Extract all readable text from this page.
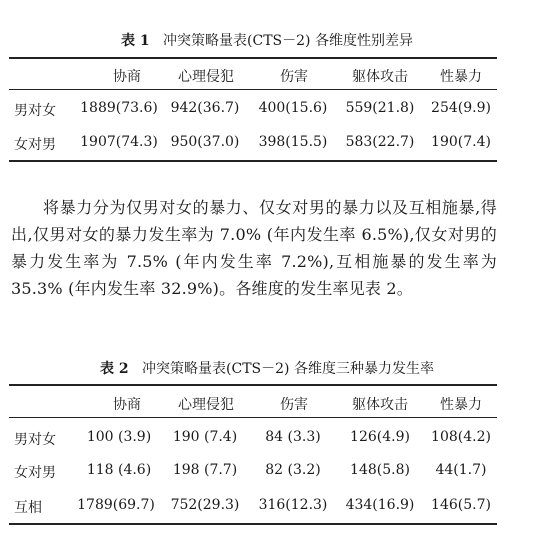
表 1 冲突策略量表(CTS－2) 各维度性别差异
协商	心理侵犯	伤害	躯体攻击	性暴力
男对女	1889(73.6) 942(36.7)	400(15.6)	559(21.8)	254(9.9)
女对男	1907(74.3) 950(37.0)	398(15.5)	583(22.7)	190(7.4)

将暴力分为仅男对女的暴力、仅女对男的暴力以及互相施暴,得出,仅男对女的暴力发生率为 7.0% (年内发生率 6.5%),仅女对男的暴力发生率为 7.5% (年内发生率 7.2%),互相施暴的发生率为 35.3% (年内发生率 32.9%)。各维度的发生率见表 2。

表 2 冲突策略量表(CTS－2) 各维度三种暴力发生率
协商	心理侵犯	伤害	躯体攻击	性暴力
男对女	100 (3.9)	190 (7.4)	84 (3.3)	126(4.9)	108(4.2)
女对男	118 (4.6)	198 (7.7)	82 (3.2)	148(5.8)	44(1.7)
互相	1789(69.7)	752(29.3)	316(12.3)	434(16.9)	146(5.7)
